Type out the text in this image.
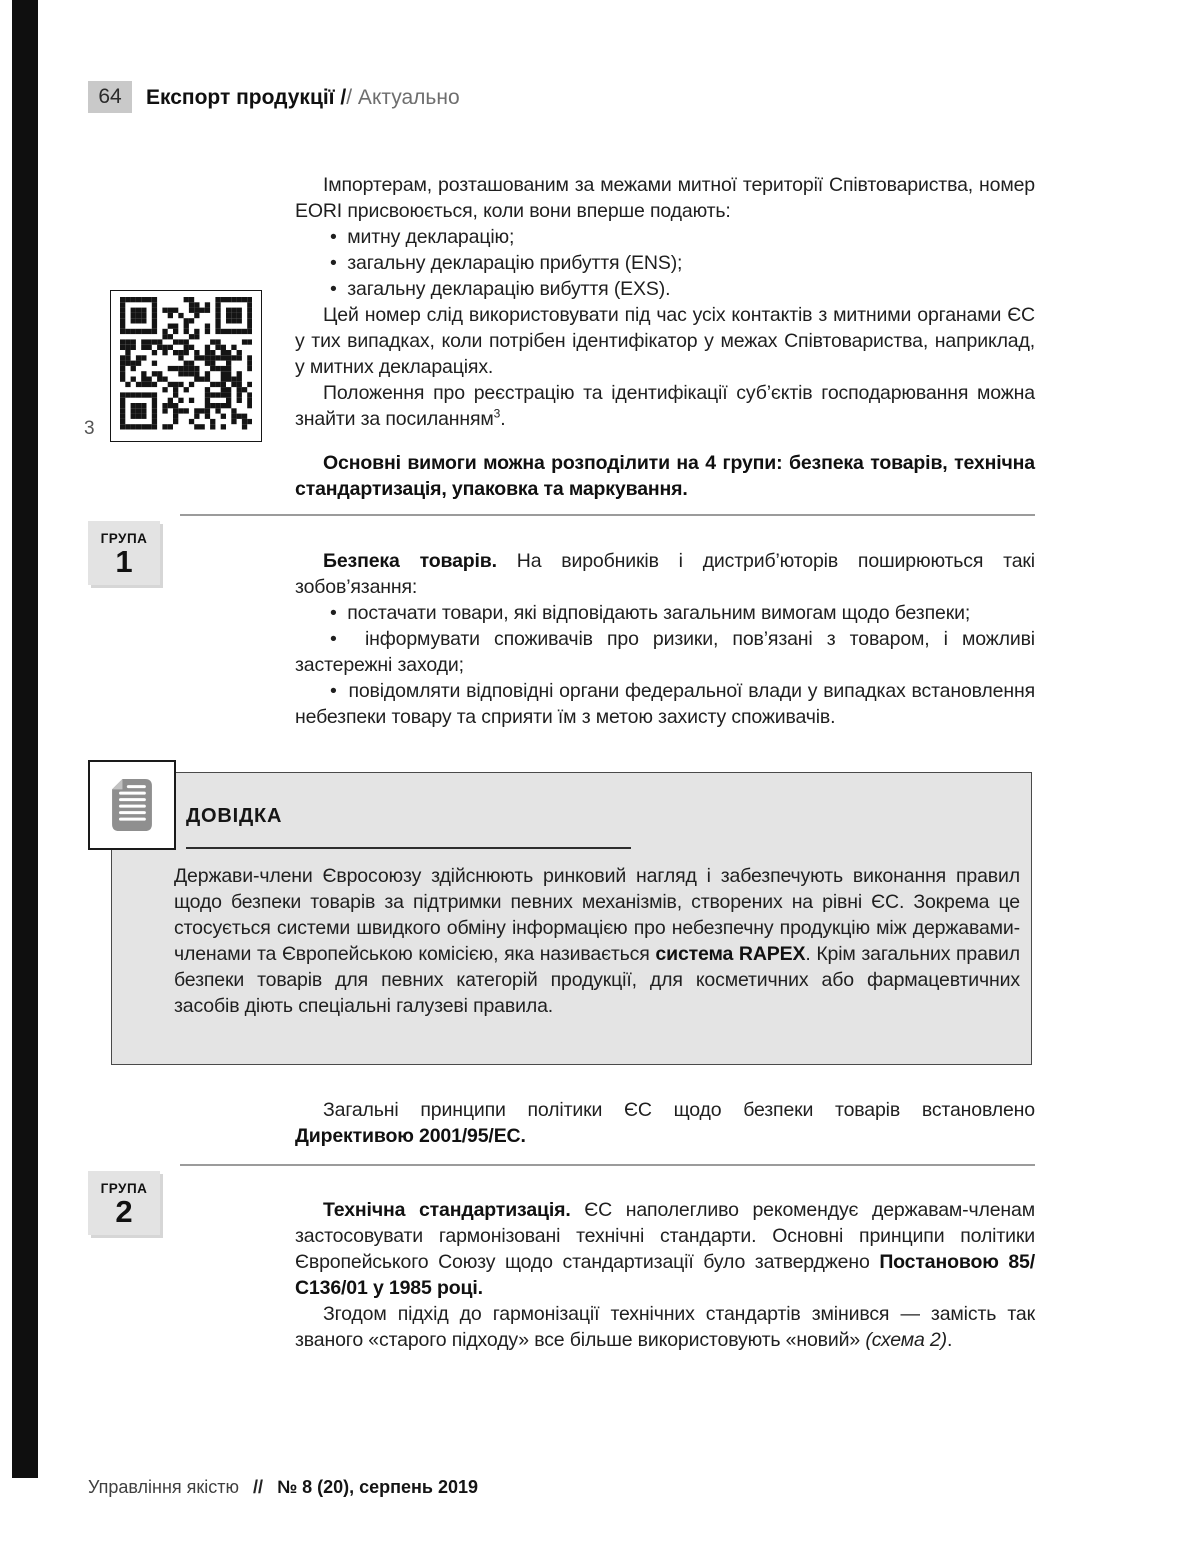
64	Експорт продукції // Актуально
3

Імпортерам, розташованим за межами митної території Співтовариства, номер EORI присвоюється, коли вони вперше подають:

•  митну декларацію;

•  загальну декларацію прибуття (ENS);

•  загальну декларацію вибуття (EXS).

Цей номер слід використовувати під час усіх контактів з митними органами ЄС у тих випадках, коли потрібен ідентифікатор у межах Співтовариства, наприклад, у митних деклараціях.

Положення про реєстрацію та ідентифікації суб’єктів господарювання можна знайти за посиланням$^3$.

Основні вимоги можна розподілити на 4 групи: безпека товарів, технічна стандартизація, упаковка та маркування.

ГРУПА
1	Безпека товарів. На виробників і дистриб’юторів поширюються такі зобов’язання:

•  постачати товари, які відповідають загальним вимогам щодо безпеки;

•  інформувати споживачів про ризики, пов’язані з товаром, і можливі застережні заходи;

•  повідомляти відповідні органи федеральної влади у випадках встановлення небезпеки товару та сприяти їм з метою захисту споживачів.

ДОВІДКА
Держави-члени Євросоюзу здійснюють ринковий нагляд і забезпечують виконання правил щодо безпеки товарів за підтримки певних механізмів, створених на рівні ЄС. Зокрема це стосується системи швидкого обміну інформацією про небезпечну продукцію між державами-членами та Європейською комісією, яка називається система RAPEX. Крім загальних правил безпеки товарів для певних категорій продукції, для косметичних або фармацевтичних засобів діють спеціальні галузеві правила.

Загальні принципи політики ЄС щодо безпеки товарів встановлено Директивою 2001/95/ЕС.

ГРУПА
2	Технічна стандартизація. ЄС наполегливо рекомендує державам-членам застосовувати гармонізовані технічні стандарти. Основні принципи політики Європейського Союзу щодо стандартизації було затверджено Постановою 85/С136/01 у 1985 році.

Згодом підхід до гармонізації технічних стандартів змінився — замість так званого «старого підходу» все більше використовують «новий» (схема 2).

Управління якістю // № 8 (20), серпень 2019
